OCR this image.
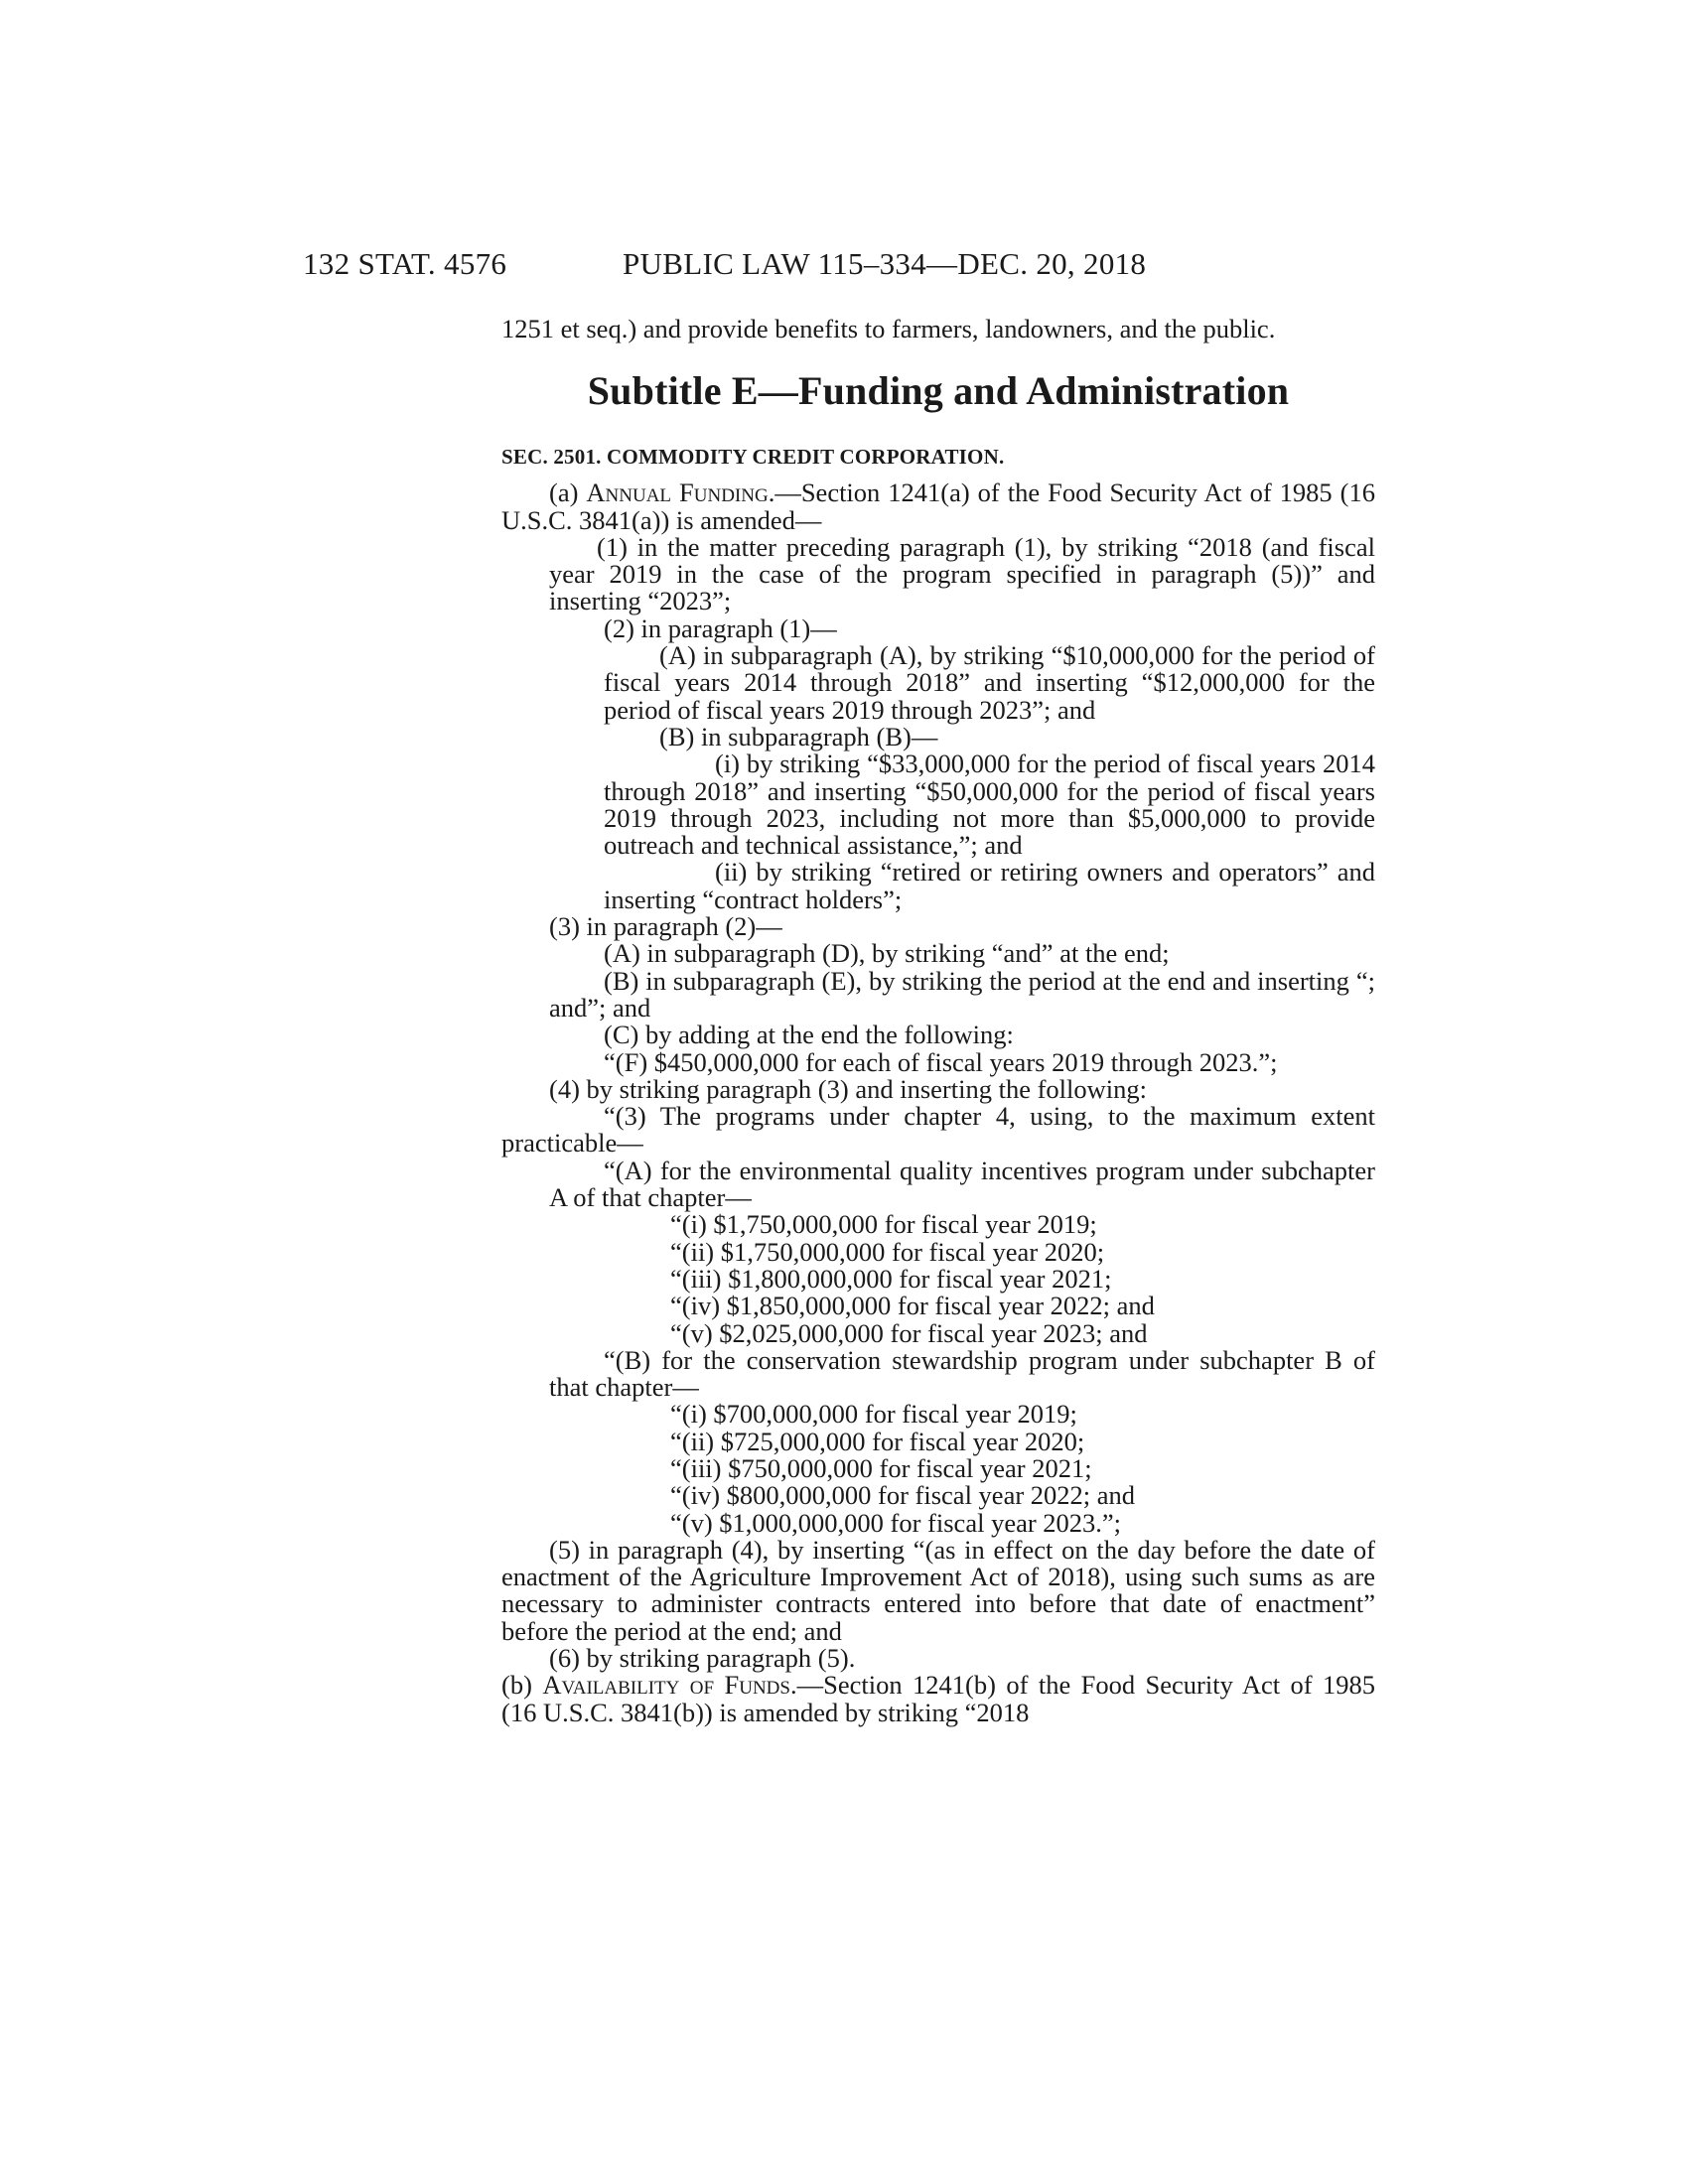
132 STAT. 4576	PUBLIC LAW 115–334—DEC. 20, 2018

1251 et seq.) and provide benefits to farmers, landowners, and the public.

Subtitle E—Funding and Administration
SEC. 2501. COMMODITY CREDIT CORPORATION.

(a) Annual Funding.—Section 1241(a) of the Food Security Act of 1985 (16 U.S.C. 3841(a)) is amended—

(1) in the matter preceding paragraph (1), by striking “2018 (and fiscal year 2019 in the case of the program specified in paragraph (5))” and inserting “2023”;

(2) in paragraph (1)—

(A) in subparagraph (A), by striking “$10,000,000 for the period of fiscal years 2014 through 2018” and inserting “$12,000,000 for the period of fiscal years 2019 through 2023”; and

(B) in subparagraph (B)—

(i) by striking “$33,000,000 for the period of fiscal years 2014 through 2018” and inserting “$50,000,000 for the period of fiscal years 2019 through 2023, including not more than $5,000,000 to provide outreach and technical assistance,”; and

(ii) by striking “retired or retiring owners and operators” and inserting “contract holders”;

(3) in paragraph (2)—

(A) in subparagraph (D), by striking “and” at the end;

(B) in subparagraph (E), by striking the period at the end and inserting “; and”; and

(C) by adding at the end the following:

“(F) $450,000,000 for each of fiscal years 2019 through 2023.”;

(4) by striking paragraph (3) and inserting the following:

“(3) The programs under chapter 4, using, to the maximum extent practicable—

“(A) for the environmental quality incentives program under subchapter A of that chapter—

“(i) $1,750,000,000 for fiscal year 2019;

“(ii) $1,750,000,000 for fiscal year 2020;

“(iii) $1,800,000,000 for fiscal year 2021;

“(iv) $1,850,000,000 for fiscal year 2022; and

“(v) $2,025,000,000 for fiscal year 2023; and

“(B) for the conservation stewardship program under subchapter B of that chapter—

“(i) $700,000,000 for fiscal year 2019;

“(ii) $725,000,000 for fiscal year 2020;

“(iii) $750,000,000 for fiscal year 2021;

“(iv) $800,000,000 for fiscal year 2022; and

“(v) $1,000,000,000 for fiscal year 2023.”;

(5) in paragraph (4), by inserting “(as in effect on the day before the date of enactment of the Agriculture Improvement Act of 2018), using such sums as are necessary to administer contracts entered into before that date of enactment” before the period at the end; and

(6) by striking paragraph (5).

(b) Availability of Funds.—Section 1241(b) of the Food Security Act of 1985 (16 U.S.C. 3841(b)) is amended by striking “2018
